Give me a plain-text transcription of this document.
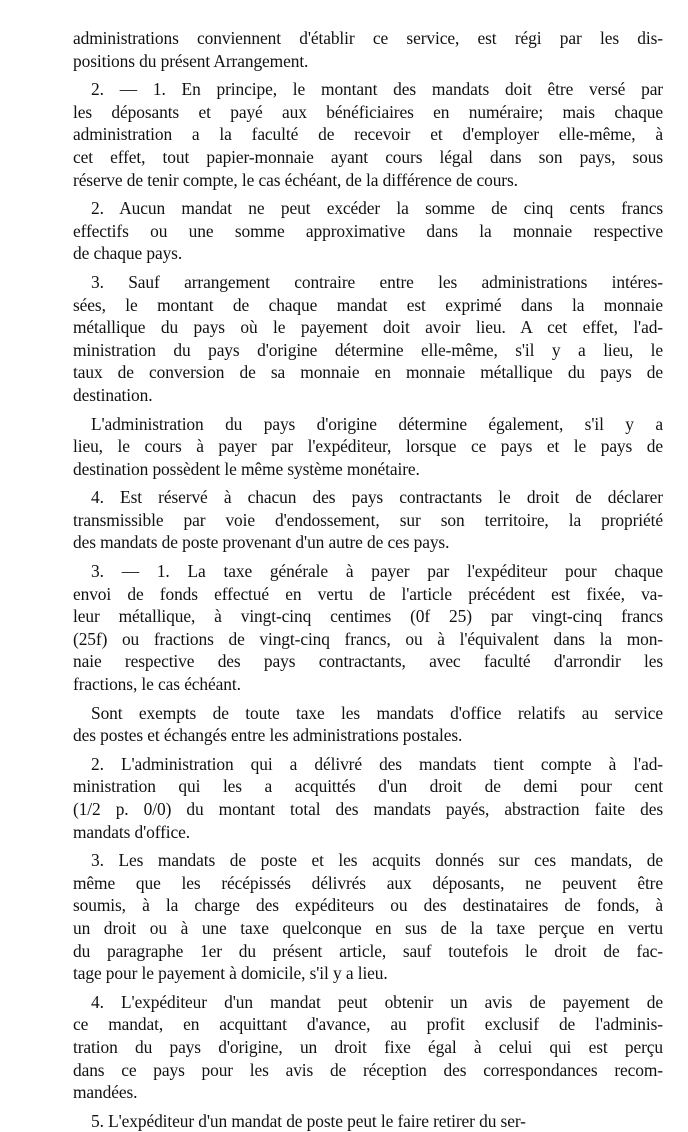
administrations conviennent d'établir ce service, est régi par les dis-
positions du présent Arrangement.
2. — 1. En principe, le montant des mandats doit être versé par
les déposants et payé aux bénéficiaires en numéraire; mais chaque
administration a la faculté de recevoir et d'employer elle-même, à
cet effet, tout papier-monnaie ayant cours légal dans son pays, sous
réserve de tenir compte, le cas échéant, de la différence de cours.
2. Aucun mandat ne peut excéder la somme de cinq cents francs
effectifs ou une somme approximative dans la monnaie respective
de chaque pays.
3. Sauf arrangement contraire entre les administrations intéres-
sées, le montant de chaque mandat est exprimé dans la monnaie
métallique du pays où le payement doit avoir lieu. A cet effet, l'ad-
ministration du pays d'origine détermine elle-même, s'il y a lieu, le
taux de conversion de sa monnaie en monnaie métallique du pays de
destination.
L'administration du pays d'origine détermine également, s'il y a
lieu, le cours à payer par l'expéditeur, lorsque ce pays et le pays de
destination possèdent le même système monétaire.
4. Est réservé à chacun des pays contractants le droit de déclarer
transmissible par voie d'endossement, sur son territoire, la propriété
des mandats de poste provenant d'un autre de ces pays.
3. — 1. La taxe générale à payer par l'expéditeur pour chaque
envoi de fonds effectué en vertu de l'article précédent est fixée, va-
leur métallique, à vingt-cinq centimes (0f 25) par vingt-cinq francs
(25f) ou fractions de vingt-cinq francs, ou à l'équivalent dans la mon-
naie respective des pays contractants, avec faculté d'arrondir les
fractions, le cas échéant.
Sont exempts de toute taxe les mandats d'office relatifs au service
des postes et échangés entre les administrations postales.
2. L'administration qui a délivré des mandats tient compte à l'ad-
ministration qui les a acquittés d'un droit de demi pour cent
(1/2 p. 0/0) du montant total des mandats payés, abstraction faite des
mandats d'office.
3. Les mandats de poste et les acquits donnés sur ces mandats, de
même que les récépissés délivrés aux déposants, ne peuvent être
soumis, à la charge des expéditeurs ou des destinataires de fonds, à
un droit ou à une taxe quelconque en sus de la taxe perçue en vertu
du paragraphe 1er du présent article, sauf toutefois le droit de fac-
tage pour le payement à domicile, s'il y a lieu.
4. L'expéditeur d'un mandat peut obtenir un avis de payement de
ce mandat, en acquittant d'avance, au profit exclusif de l'adminis-
tration du pays d'origine, un droit fixe égal à celui qui est perçu
dans ce pays pour les avis de réception des correspondances recom-
mandées.
5. L'expéditeur d'un mandat de poste peut le faire retirer du ser-
